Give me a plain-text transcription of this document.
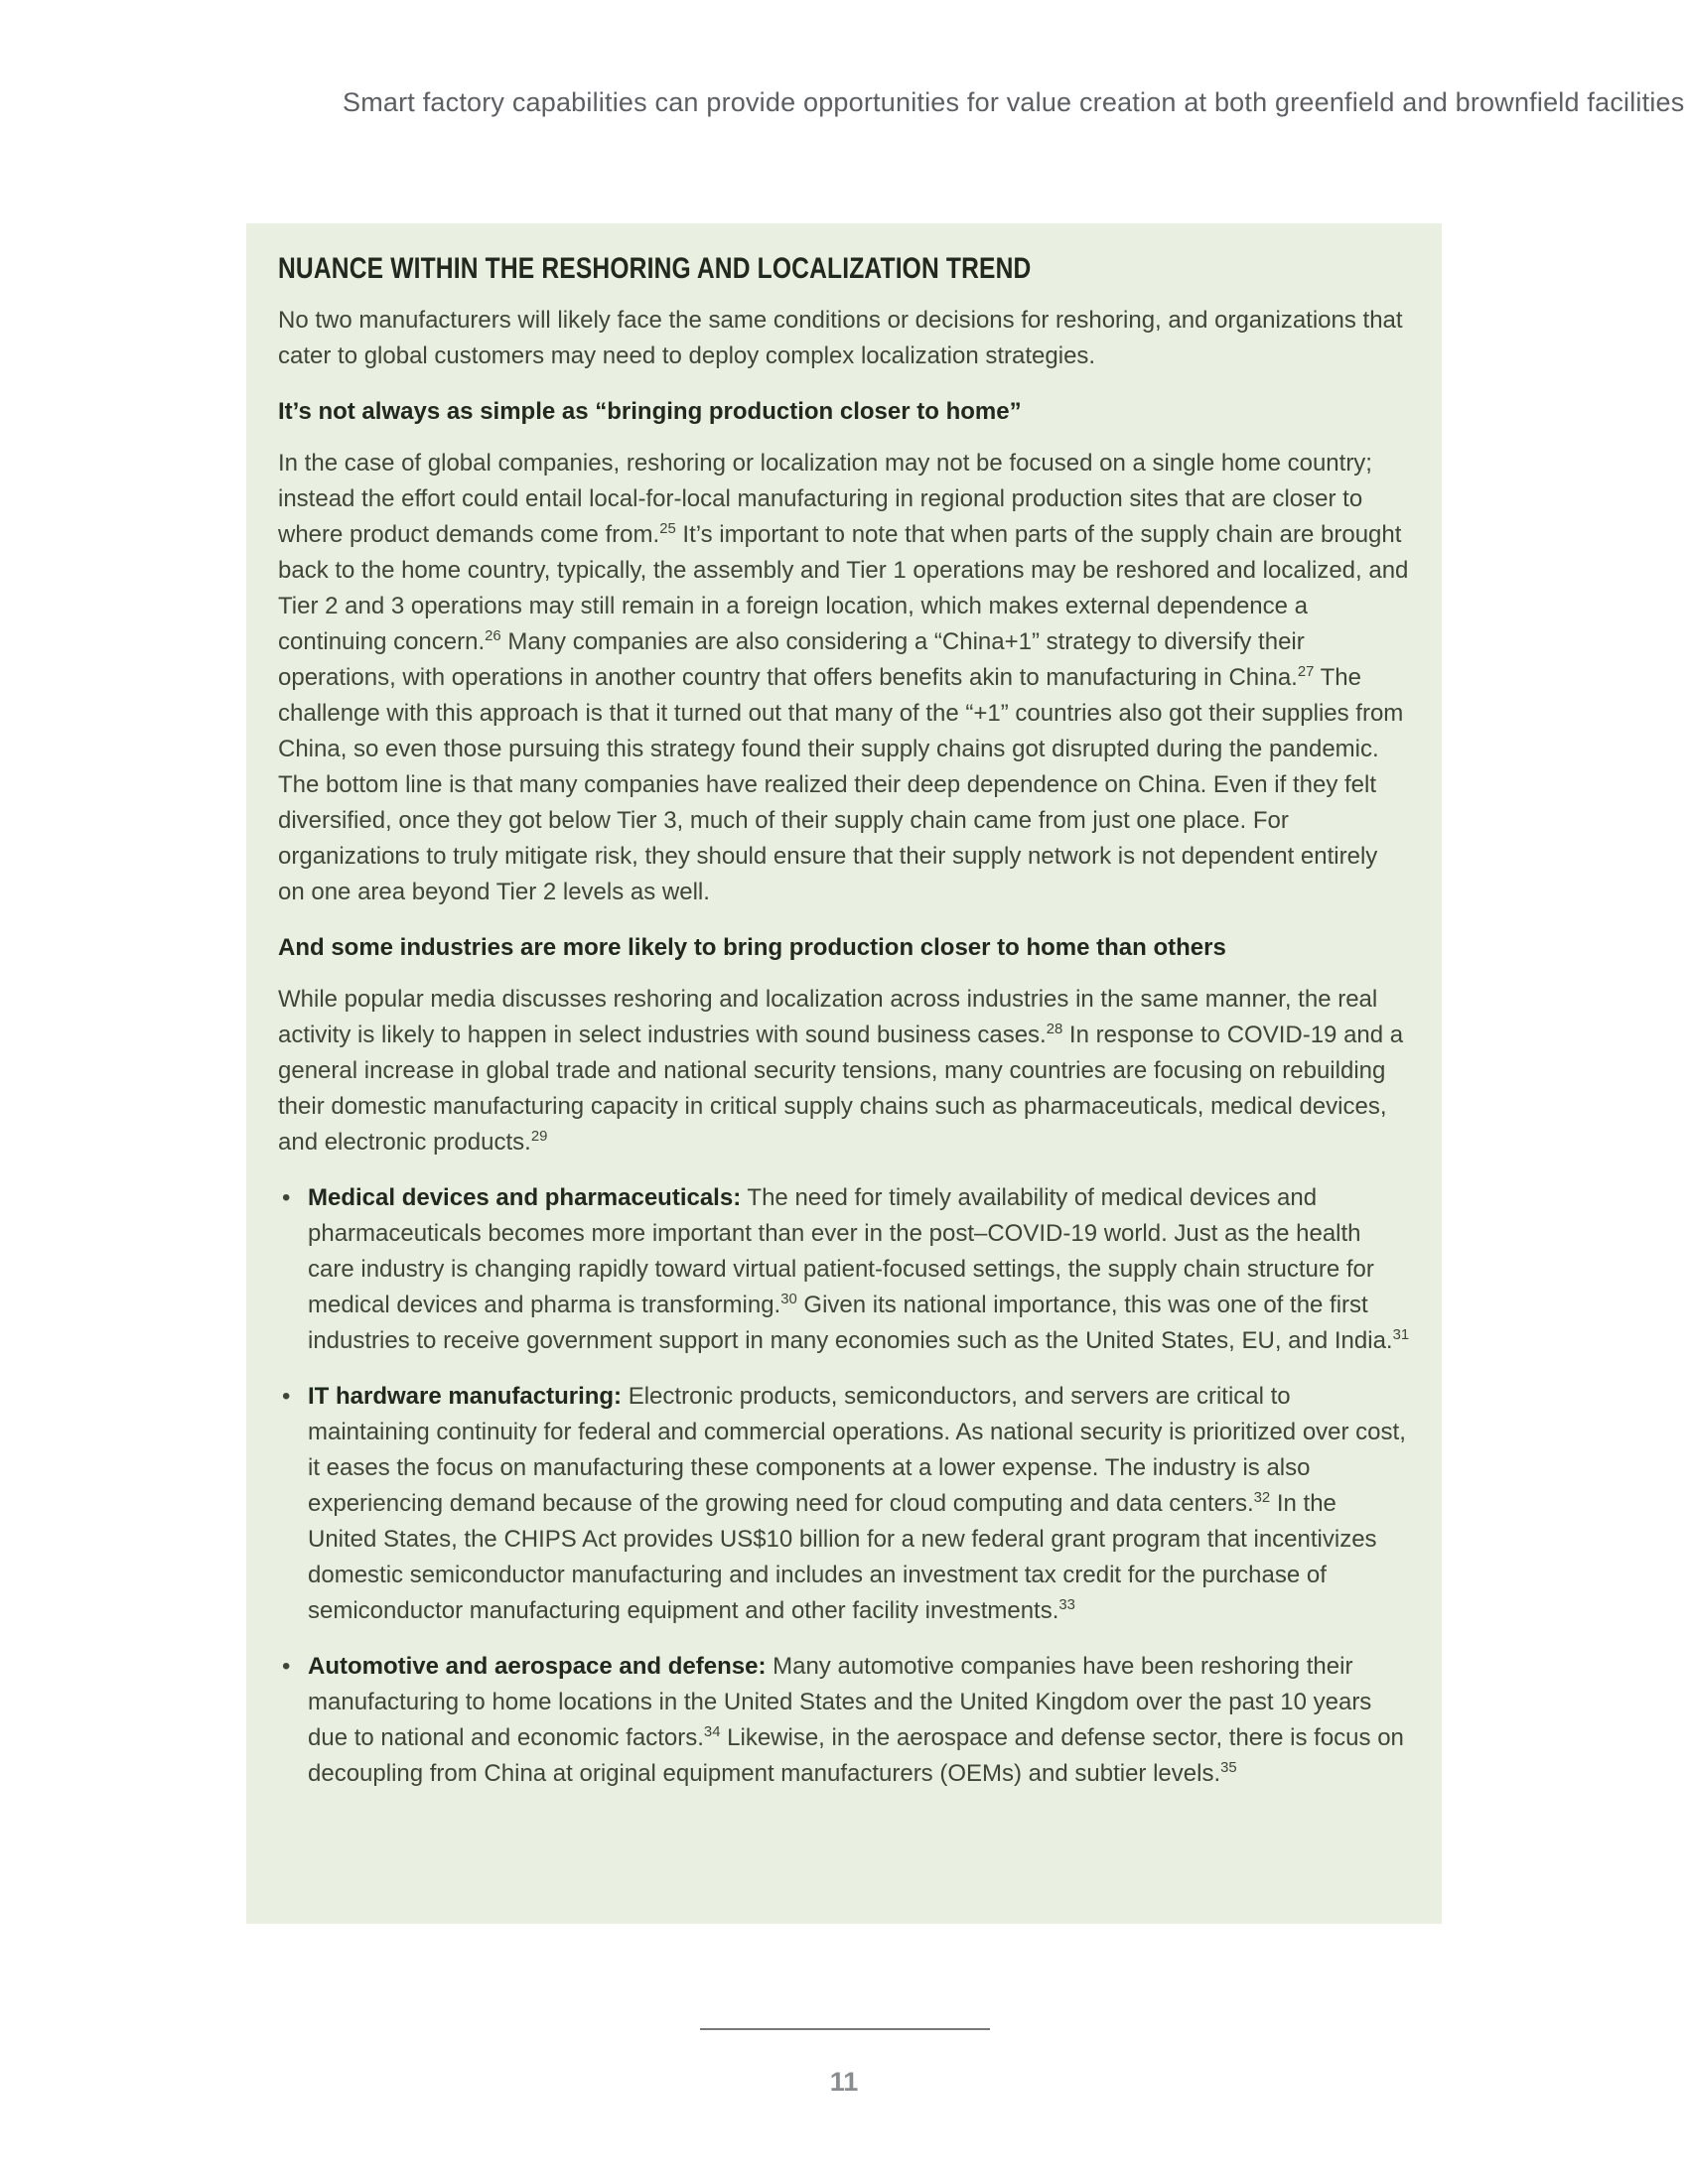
Smart factory capabilities can provide opportunities for value creation at both greenfield and brownfield facilities
NUANCE WITHIN THE RESHORING AND LOCALIZATION TREND

No two manufacturers will likely face the same conditions or decisions for reshoring, and organizations that cater to global customers may need to deploy complex localization strategies.

It’s not always as simple as “bringing production closer to home”

In the case of global companies, reshoring or localization may not be focused on a single home country; instead the effort could entail local-for-local manufacturing in regional production sites that are closer to where product demands come from.$^{25}$ It’s important to note that when parts of the supply chain are brought back to the home country, typically, the assembly and Tier 1 operations may be reshored and localized, and Tier 2 and 3 operations may still remain in a foreign location, which makes external dependence a continuing concern.$^{26}$ Many companies are also considering a “China+1” strategy to diversify their operations, with operations in another country that offers benefits akin to manufacturing in China.$^{27}$ The challenge with this approach is that it turned out that many of the “+1” countries also got their supplies from China, so even those pursuing this strategy found their supply chains got disrupted during the pandemic. The bottom line is that many companies have realized their deep dependence on China. Even if they felt diversified, once they got below Tier 3, much of their supply chain came from just one place. For organizations to truly mitigate risk, they should ensure that their supply network is not dependent entirely on one area beyond Tier 2 levels as well.

And some industries are more likely to bring production closer to home than others

While popular media discusses reshoring and localization across industries in the same manner, the real activity is likely to happen in select industries with sound business cases.$^{28}$ In response to COVID-19 and a general increase in global trade and national security tensions, many countries are focusing on rebuilding their domestic manufacturing capacity in critical supply chains such as pharmaceuticals, medical devices, and electronic products.$^{29}$

• Medical devices and pharmaceuticals: The need for timely availability of medical devices and pharmaceuticals becomes more important than ever in the post–COVID-19 world. Just as the health care industry is changing rapidly toward virtual patient-focused settings, the supply chain structure for medical devices and pharma is transforming.$^{30}$ Given its national importance, this was one of the first industries to receive government support in many economies such as the United States, EU, and India.$^{31}$
• IT hardware manufacturing: Electronic products, semiconductors, and servers are critical to maintaining continuity for federal and commercial operations. As national security is prioritized over cost, it eases the focus on manufacturing these components at a lower expense. The industry is also experiencing demand because of the growing need for cloud computing and data centers.$^{32}$ In the United States, the CHIPS Act provides US$10 billion for a new federal grant program that incentivizes domestic semiconductor manufacturing and includes an investment tax credit for the purchase of semiconductor manufacturing equipment and other facility investments.$^{33}$
• Automotive and aerospace and defense: Many automotive companies have been reshoring their manufacturing to home locations in the United States and the United Kingdom over the past 10 years due to national and economic factors.$^{34}$ Likewise, in the aerospace and defense sector, there is focus on decoupling from China at original equipment manufacturers (OEMs) and subtier levels.$^{35}$
11
